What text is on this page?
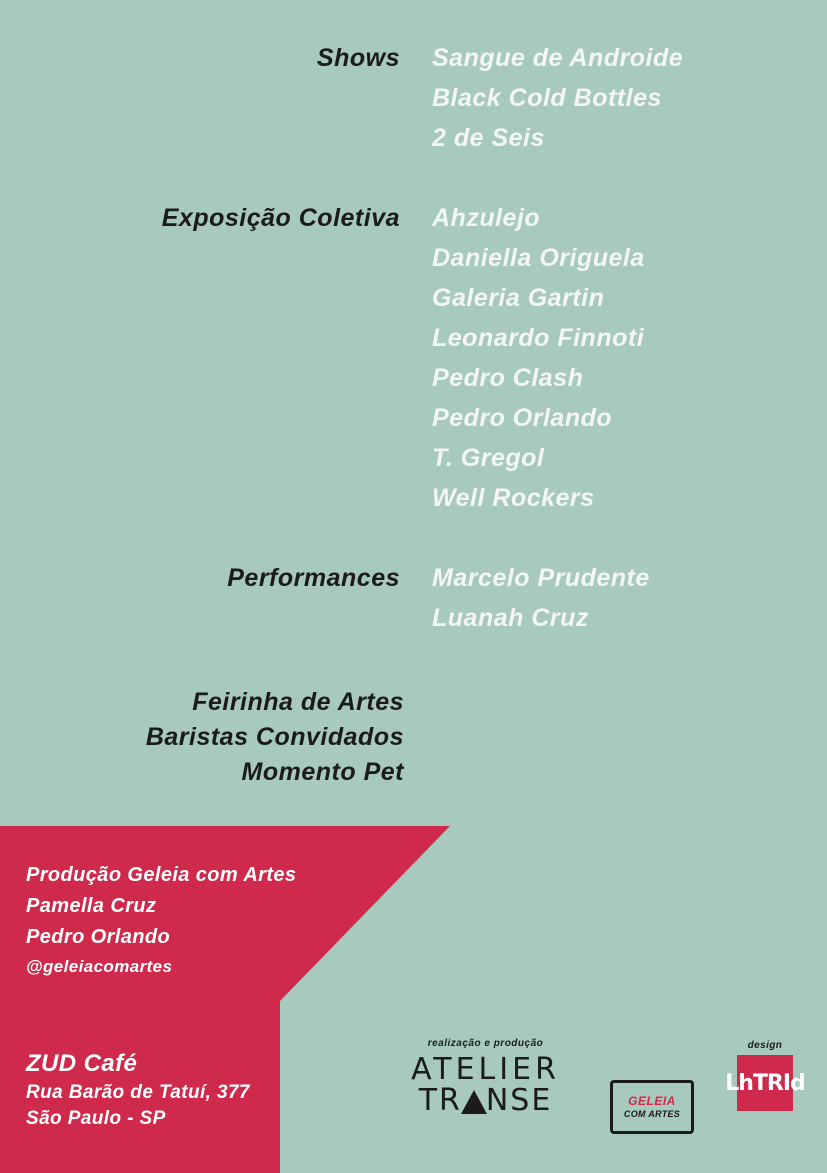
Shows Sangue de Androide
Black Cold Bottles
2 de Seis
Exposição Coletiva Ahzulejo
Daniella Origuela
Galeria Gartin
Leonardo Finnoti
Pedro Clash
Pedro Orlando
T. Gregol
Well Rockers
Performances Marcelo Prudente
Luanah Cruz
Feirinha de Artes
Baristas Convidados
Momento Pet
Produção Geleia com Artes
Pamella Cruz
Pedro Orlando
@geleiacomartes
ZUD Café
Rua Barão de Tatuí, 377
São Paulo - SP
realização e produção
ATELIER
TR NSE	GELEIA
COM ARTES
design
LhTRId
